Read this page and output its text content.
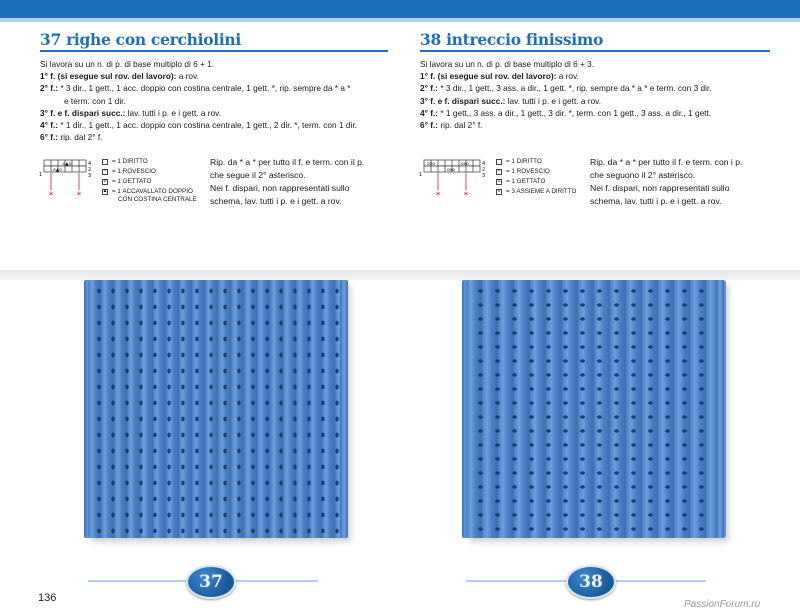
37 righe con cerchiolini
Si lavora su un n. di p. di base multiplo di 6 + 1.
1° f. (si esegue sul rov. del lavoro): a rov.
2° f.: * 3 dir., 1 gett., 1 acc. doppio con costina centrale, 1 gett. *, rip. sempre da * a *
e term. con 1 dir.
3° f. e f. dispari succ.: lav. tutti i p. e i gett. a rov.
4° f.: * 1 dir., 1 gett., 1 acc. doppio con costina centrale, 1 gett., 2 dir. *, term. con 1 dir.
6° f.: rip. dal 2° f.
o▲o
o▲o
4
2
3
1
*	*
= 1 DIRITTO
– = 1 ROVESCIO
o = 1 GETTATO
▲ = 1 ACCAVALLATO DOPPIO
CON COSTINA CENTRALE
Rip. da * a * per tutto il f. e term. con il p.
che segue il 2° asterisco.
Nei f. dispari, non rappresentati sullo
schema, lav. tutti i p. e i gett. a rov.
38 intreccio finissimo
Si lavora su un n. di p. di base multiplo di 6 + 3.
1° f. (si esegue sul rov. del lavoro): a rov.
2° f.: * 3 dir., 1 gett., 3 ass. a dir., 1 gett. *, rip. sempre da * a * e term. con 3 dir.
3° f. e f. dispari succ.: lav. tutti i p. e i gett. a rov.
4° f.: * 1 gett., 3 ass. a dir., 1 gett., 3 dir. *, term. con 1 gett., 3 ass. a dir., 1 gett.
6° f.: rip. dal 2° f.
oxo	oxo
oxo
4
2
3
1
*	*
= 1 DIRITTO
– = 1 ROVESCIO
o = 1 GETTATO
x = 3 ASSIEME A DIRITTO
Rip. da * a * per tutto il f. e term. con i p.
che seguono il 2° asterisco.
Nei f. dispari, non rappresentati sullo
schema, lav. tutti i p. e i gett. a rov.
37	38
136
PassionForum.ru
